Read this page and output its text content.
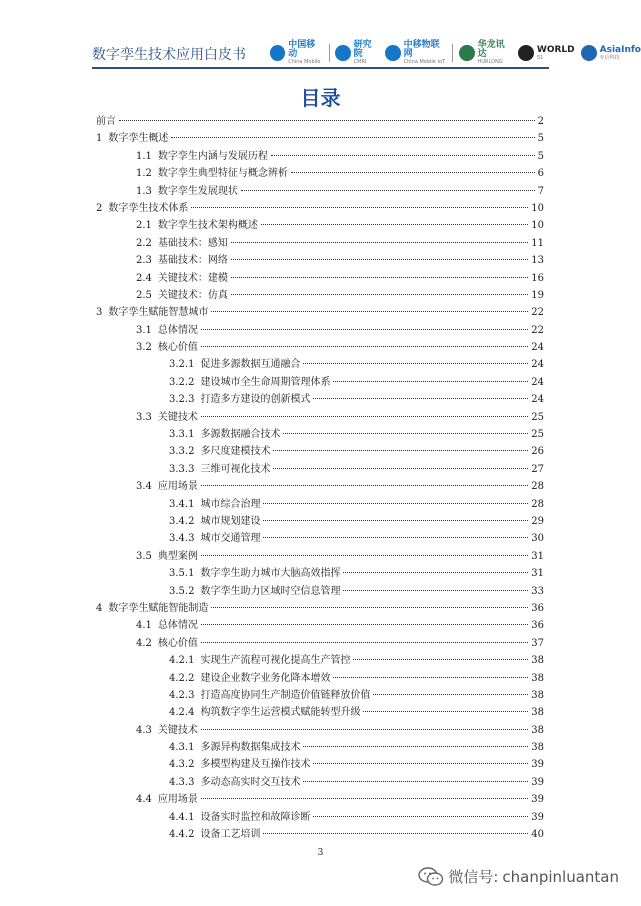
数字孪生技术应用白皮书
中国移动
China Mobile
研究院
CMRI
中移物联网
China Mobile IoT
华龙讯达
HURLONG
WORLD
51
AsiaInfo
亚信科技
目录
前言	2
1 数字孪生概述	5
1.1 数字孪生内涵与发展历程	5
1.2 数字孪生典型特征与概念辨析	6
1.3 数字孪生发展现状	7
2 数字孪生技术体系	10
2.1 数字孪生技术架构概述	10
2.2 基础技术：感知	11
2.3 基础技术：网络	13
2.4 关键技术：建模	16
2.5 关键技术：仿真	19
3 数字孪生赋能智慧城市	22
3.1 总体情况	22
3.2 核心价值	24
3.2.1 促进多源数据互通融合	24
3.2.2 建设城市全生命周期管理体系	24
3.2.3 打造多方建设的创新模式	24
3.3 关键技术	25
3.3.1 多源数据融合技术	25
3.3.2 多尺度建模技术	26
3.3.3 三维可视化技术	27
3.4 应用场景	28
3.4.1 城市综合治理	28
3.4.2 城市规划建设	29
3.4.3 城市交通管理	30
3.5 典型案例	31
3.5.1 数字孪生助力城市大脑高效指挥	31
3.5.2 数字孪生助力区域时空信息管理	33
4 数字孪生赋能智能制造	36
4.1 总体情况	36
4.2 核心价值	37
4.2.1 实现生产流程可视化提高生产管控	38
4.2.2 建设企业数字业务化降本增效	38
4.2.3 打造高度协同生产制造价值链释放价值	38
4.2.4 构筑数字孪生运营模式赋能转型升级	38
4.3 关键技术	38
4.3.1 多源异构数据集成技术	38
4.3.2 多模型构建及互操作技术	39
4.3.3 多动态高实时交互技术	39
4.4 应用场景	39
4.4.1 设备实时监控和故障诊断	39
4.4.2 设备工艺培训	40
3
微信号: chanpinluantan
